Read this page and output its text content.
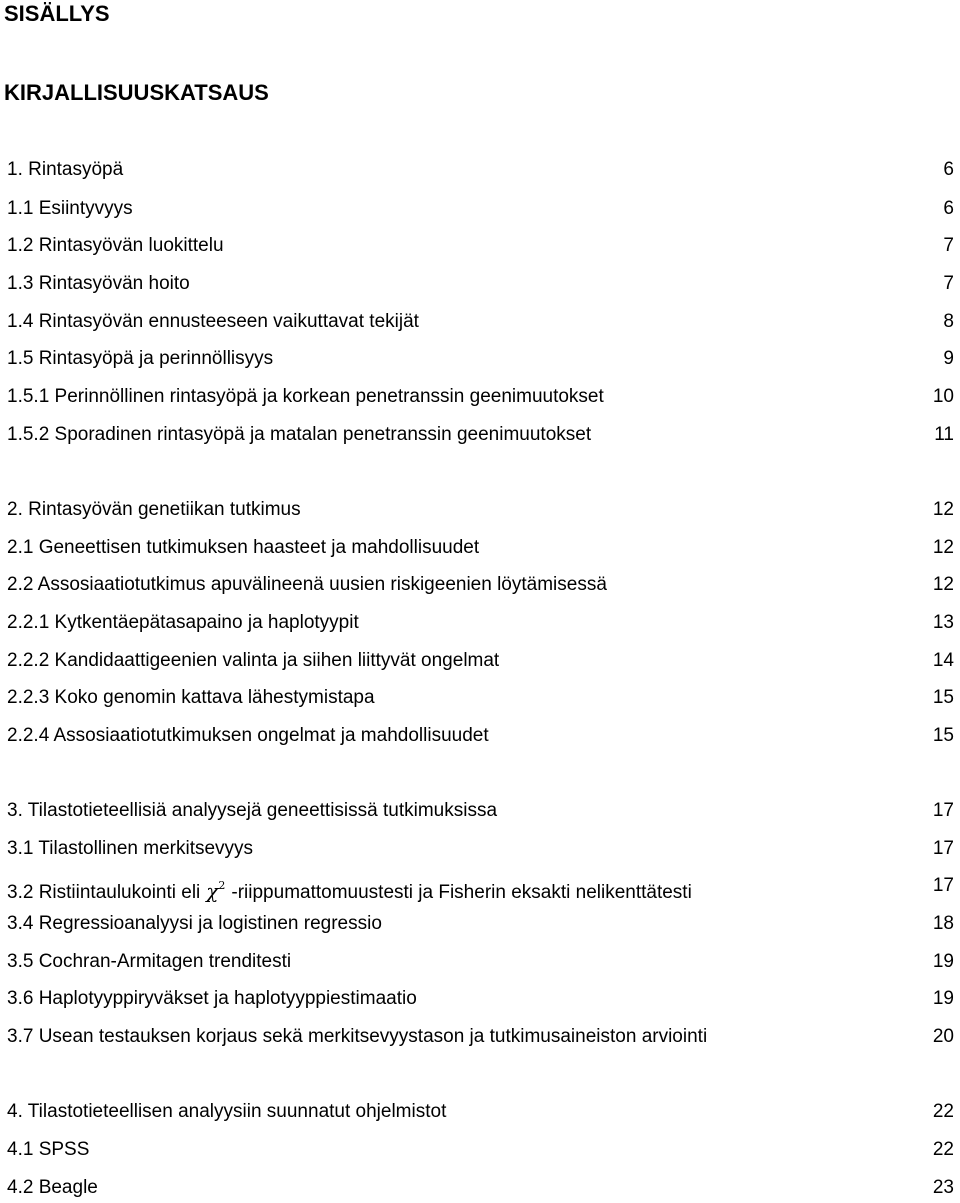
SISÄLLYS
KIRJALLISUUSKATSAUS
1. Rintasyöpä	6
1.1 Esiintyvyys	6
1.2 Rintasyövän luokittelu	7
1.3 Rintasyövän hoito	7
1.4 Rintasyövän ennusteeseen vaikuttavat tekijät	8
1.5 Rintasyöpä ja perinnöllisyys	9
1.5.1 Perinnöllinen rintasyöpä ja korkean penetranssin geenimuutokset	10
1.5.2 Sporadinen rintasyöpä ja matalan penetranssin geenimuutokset	11
2. Rintasyövän genetiikan tutkimus	12
2.1 Geneettisen tutkimuksen haasteet ja mahdollisuudet	12
2.2 Assosiaatiotutkimus apuvälineenä uusien riskigeenien löytämisessä	12
2.2.1 Kytkentäepätasapaino ja haplotyypit	13
2.2.2 Kandidaattigeenien valinta ja siihen liittyvät ongelmat	14
2.2.3 Koko genomin kattava lähestymistapa	15
2.2.4 Assosiaatiotutkimuksen ongelmat ja mahdollisuudet	15
3. Tilastotieteellisiä analyysejä geneettisissä tutkimuksissa	17
3.1 Tilastollinen merkitsevyys	17
3.2 Ristiintaulukointi eli $\chi^2$ -riippumattomuustesti ja Fisherin eksakti nelikenttätesti	17
3.4 Regressioanalyysi ja logistinen regressio	18
3.5 Cochran-Armitagen trenditesti	19
3.6 Haplotyyppiryväkset ja haplotyyppiestimaatio	19
3.7 Usean testauksen korjaus sekä merkitsevyystason ja tutkimusaineiston arviointi	20
4. Tilastotieteellisen analyysiin suunnatut ohjelmistot	22
4.1 SPSS	22
4.2 Beagle	23
